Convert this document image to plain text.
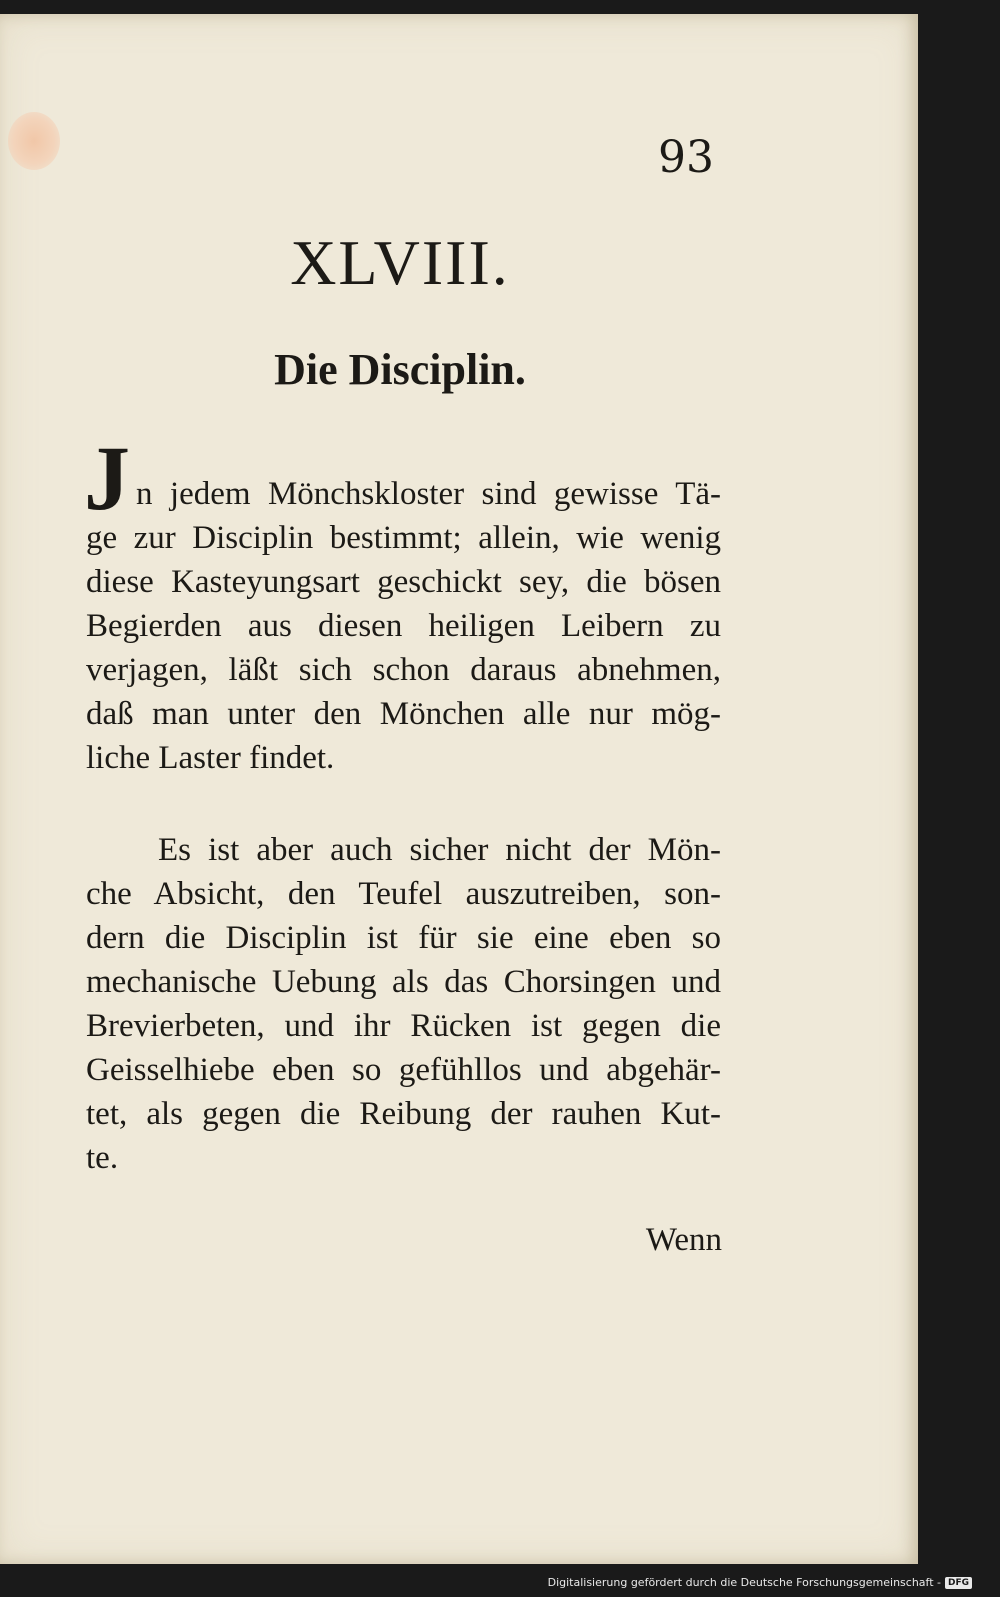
93
XLVIII.
Die Disciplin.
J n jedem Mönchskloster sind gewisse Tä-
ge zur Disciplin bestimmt; allein, wie wenig
diese Kasteyungsart geschickt sey, die bösen
Begierden aus diesen heiligen Leibern zu
verjagen, läßt sich schon daraus abnehmen,
daß man unter den Mönchen alle nur mög-
liche Laster findet.

Es ist aber auch sicher nicht der Mön-
che Absicht, den Teufel auszutreiben, son-
dern die Disciplin ist für sie eine eben so
mechanische Uebung als das Chorsingen und
Brevierbeten, und ihr Rücken ist gegen die
Geisselhiebe eben so gefühllos und abgehär-
tet, als gegen die Reibung der rauhen Kut-
te.

Wenn
Digitalisierung gefördert durch die Deutsche Forschungsgemeinschaft - DFG
